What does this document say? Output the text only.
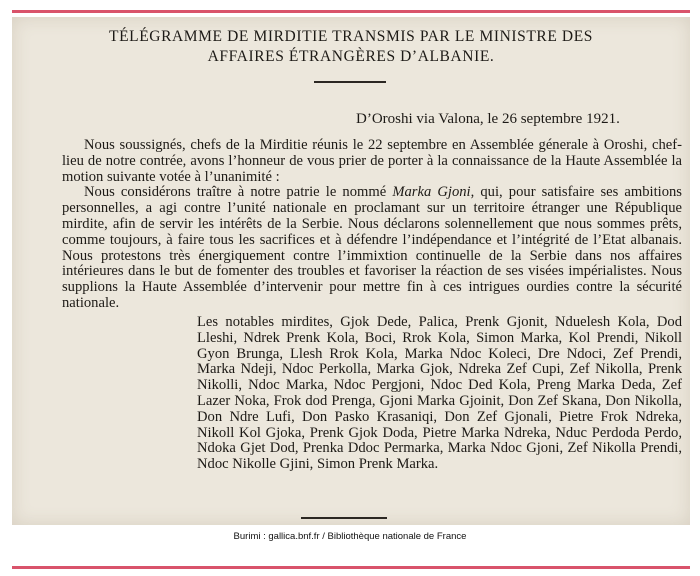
TÉLÉGRAMME DE MIRDITIE TRANSMIS PAR LE MINISTRE DES
AFFAIRES ÉTRANGÈRES D’ALBANIE.
D’Oroshi via Valona, le 26 septembre 1921.

Nous soussignés, chefs de la Mirditie réunis le 22 septembre en Assemblée génerale à Oroshi, chef-lieu de notre contrée, avons l’honneur de vous prier de porter à la connaissance de la Haute Assemblée la motion suivante votée à l’unanimité :

Nous considérons traître à notre patrie le nommé Marka Gjoni, qui, pour satisfaire ses ambitions personnelles, a agi contre l’unité nationale en proclamant sur un territoire étranger une République mirdite, afin de servir les intérêts de la Serbie. Nous déclarons solennellement que nous sommes prêts, comme toujours, à faire tous les sacrifices et à défendre l’indépendance et l’intégrité de l’Etat albanais. Nous protestons très énergiquement contre l’immixtion continuelle de la Serbie dans nos affaires intérieures dans le but de fomenter des troubles et favoriser la réaction de ses visées impérialistes. Nous supplions la Haute Assemblée d’intervenir pour mettre fin à ces intrigues ourdies contre la sécurité nationale.

Les notables mirdites, Gjok Dede, Palica, Prenk Gjonit, Nduelesh Kola, Dod Lleshi, Ndrek Prenk Kola, Boci, Rrok Kola, Simon Marka, Kol Prendi, Nikoll Gyon Brunga, Llesh Rrok Kola, Marka Ndoc Koleci, Dre Ndoci, Zef Prendi, Marka Ndeji, Ndoc Perkolla, Marka Gjok, Ndreka Zef Cupi, Zef Nikolla, Prenk Nikolli, Ndoc Marka, Ndoc Pergjoni, Ndoc Ded Kola, Preng Marka Deda, Zef Lazer Noka, Frok dod Prenga, Gjoni Marka Gjoinit, Don Zef Skana, Don Nikolla, Don Ndre Lufi, Don Pasko Krasaniqi, Don Zef Gjonali, Pietre Frok Ndreka, Nikoll Kol Gjoka, Prenk Gjok Doda, Pietre Marka Ndreka, Nduc Perdoda Perdo, Ndoka Gjet Dod, Prenka Ddoc Permarka, Marka Ndoc Gjoni, Zef Nikolla Prendi, Ndoc Nikolle Gjini, Simon Prenk Marka.

Burimi : gallica.bnf.fr / Bibliothèque nationale de France
